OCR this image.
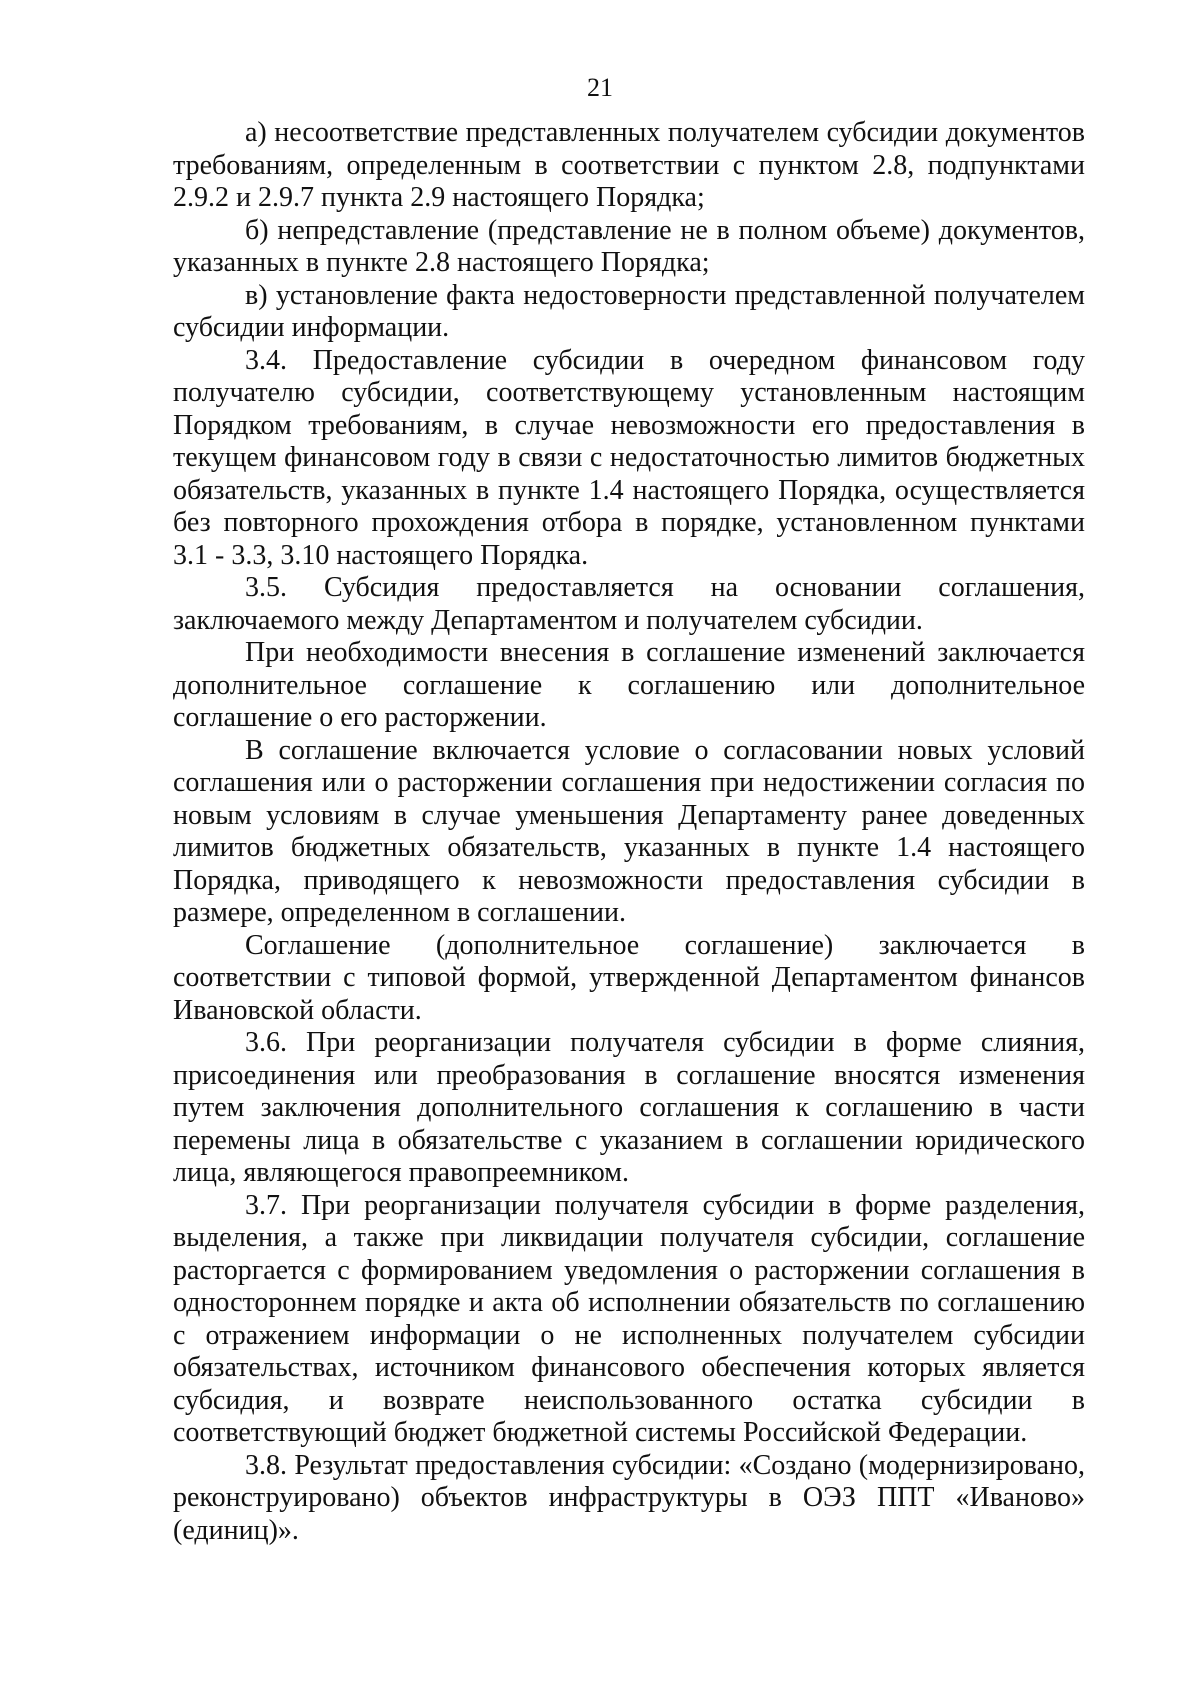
21

а) несоответствие представленных получателем субсидии документов требованиям, определенным в соответствии с пунктом 2.8, подпунктами 2.9.2 и 2.9.7 пункта 2.9 настоящего Порядка;

б) непредставление (представление не в полном объеме) документов, указанных в пункте 2.8 настоящего Порядка;

в) установление факта недостоверности представленной получателем субсидии информации.

3.4. Предоставление субсидии в очередном финансовом году получателю субсидии, соответствующему установленным настоящим Порядком требованиям, в случае невозможности его предоставления в текущем финансовом году в связи с недостаточностью лимитов бюджетных обязательств, указанных в пункте 1.4 настоящего Порядка, осуществляется без повторного прохождения отбора в порядке, установленном пунктами 3.1 - 3.3, 3.10 настоящего Порядка.

3.5. Субсидия предоставляется на основании соглашения, заключаемого между Департаментом и получателем субсидии.

При необходимости внесения в соглашение изменений заключается дополнительное соглашение к соглашению или дополнительное соглашение о его расторжении.

В соглашение включается условие о согласовании новых условий соглашения или о расторжении соглашения при недостижении согласия по новым условиям в случае уменьшения Департаменту ранее доведенных лимитов бюджетных обязательств, указанных в пункте 1.4 настоящего Порядка, приводящего к невозможности предоставления субсидии в размере, определенном в соглашении.

Соглашение (дополнительное соглашение) заключается в соответствии с типовой формой, утвержденной Департаментом финансов Ивановской области.

3.6. При реорганизации получателя субсидии в форме слияния, присоединения или преобразования в соглашение вносятся изменения путем заключения дополнительного соглашения к соглашению в части перемены лица в обязательстве с указанием в соглашении юридического лица, являющегося правопреемником.

3.7. При реорганизации получателя субсидии в форме разделения, выделения, а также при ликвидации получателя субсидии, соглашение расторгается с формированием уведомления о расторжении соглашения в одностороннем порядке и акта об исполнении обязательств по соглашению с отражением информации о не исполненных получателем субсидии обязательствах, источником финансового обеспечения которых является субсидия, и возврате неиспользованного остатка субсидии в соответствующий бюджет бюджетной системы Российской Федерации.

3.8. Результат предоставления субсидии: «Создано (модернизировано, реконструировано) объектов инфраструктуры в ОЭЗ ППТ «Иваново» (единиц)».
